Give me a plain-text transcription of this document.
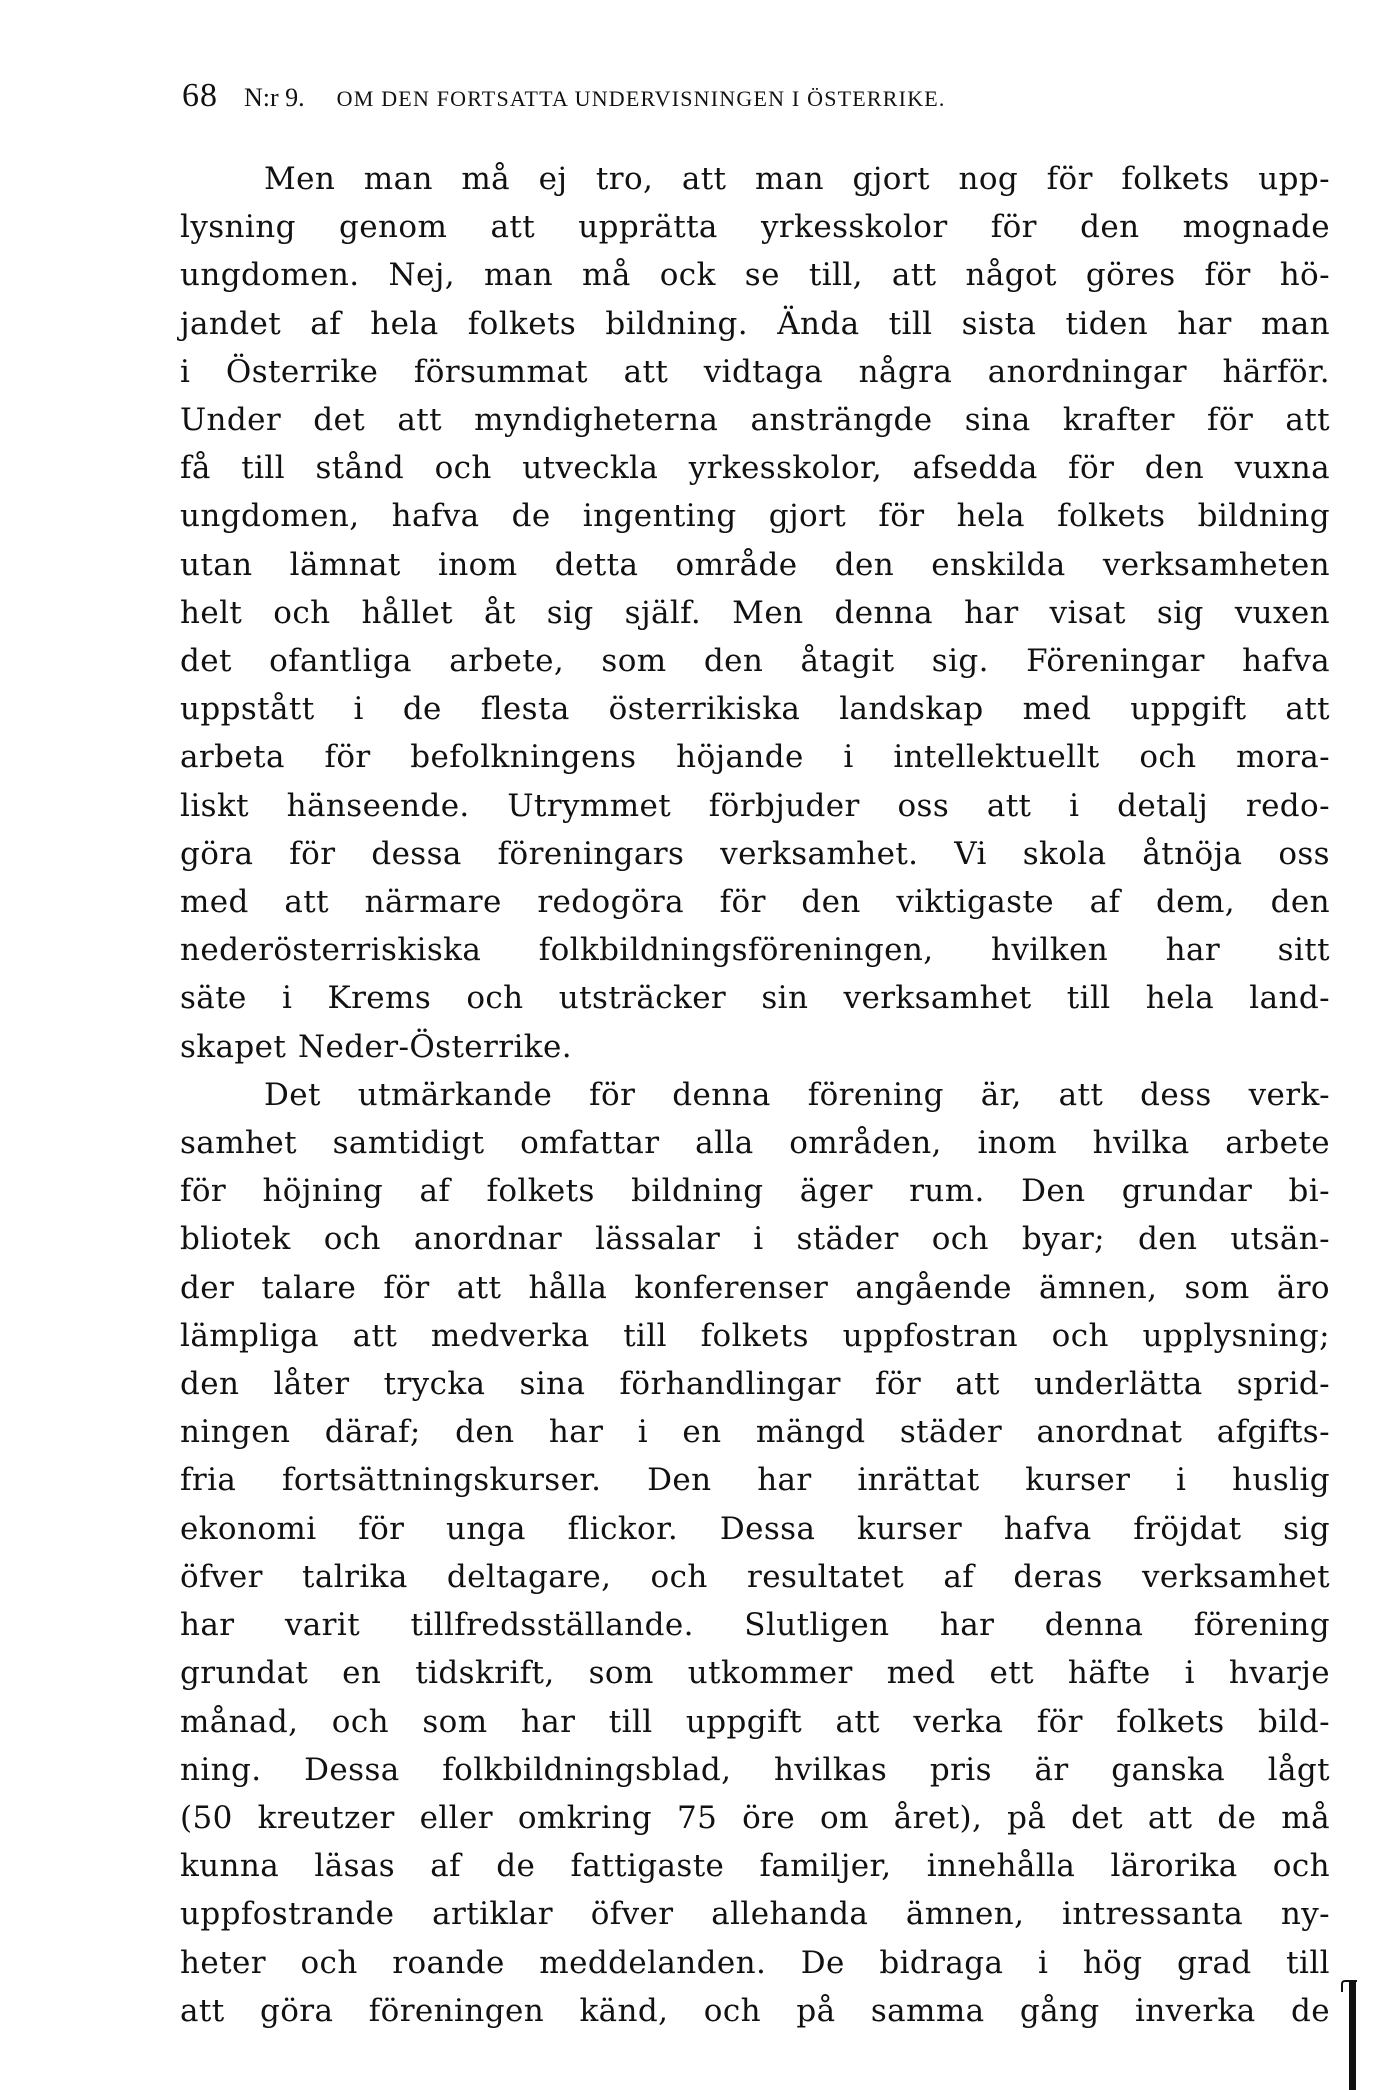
68 N:r 9. OM DEN FORTSATTA UNDERVISNINGEN I ÖSTERRIKE.
Men man må ej tro, att man gjort nog för folkets upp-
lysning genom att upprätta yrkesskolor för den mognade
ungdomen. Nej, man må ock se till, att något göres för hö-
jandet af hela folkets bildning. Ända till sista tiden har man
i Österrike försummat att vidtaga några anordningar härför.
Under det att myndigheterna ansträngde sina krafter för att
få till stånd och utveckla yrkesskolor, afsedda för den vuxna
ungdomen, hafva de ingenting gjort för hela folkets bildning
utan lämnat inom detta område den enskilda verksamheten
helt och hållet åt sig själf. Men denna har visat sig vuxen
det ofantliga arbete, som den åtagit sig. Föreningar hafva
uppstått i de flesta österrikiska landskap med uppgift att
arbeta för befolkningens höjande i intellektuellt och mora-
liskt hänseende. Utrymmet förbjuder oss att i detalj redo-
göra för dessa föreningars verksamhet. Vi skola åtnöja oss
med att närmare redogöra för den viktigaste af dem, den
nederösterriskiska folkbildningsföreningen, hvilken har sitt
säte i Krems och utsträcker sin verksamhet till hela land-
skapet Neder-Österrike.
Det utmärkande för denna förening är, att dess verk-
samhet samtidigt omfattar alla områden, inom hvilka arbete
för höjning af folkets bildning äger rum. Den grundar bi-
bliotek och anordnar lässalar i städer och byar; den utsän-
der talare för att hålla konferenser angående ämnen, som äro
lämpliga att medverka till folkets uppfostran och upplysning;
den låter trycka sina förhandlingar för att underlätta sprid-
ningen däraf; den har i en mängd städer anordnat afgifts-
fria fortsättningskurser. Den har inrättat kurser i huslig
ekonomi för unga flickor. Dessa kurser hafva fröjdat sig
öfver talrika deltagare, och resultatet af deras verksamhet
har varit tillfredsställande. Slutligen har denna förening
grundat en tidskrift, som utkommer med ett häfte i hvarje
månad, och som har till uppgift att verka för folkets bild-
ning. Dessa folkbildningsblad, hvilkas pris är ganska lågt
(50 kreutzer eller omkring 75 öre om året), på det att de må
kunna läsas af de fattigaste familjer, innehålla lärorika och
uppfostrande artiklar öfver allehanda ämnen, intressanta ny-
heter och roande meddelanden. De bidraga i hög grad till
att göra föreningen känd, och på samma gång inverka de
